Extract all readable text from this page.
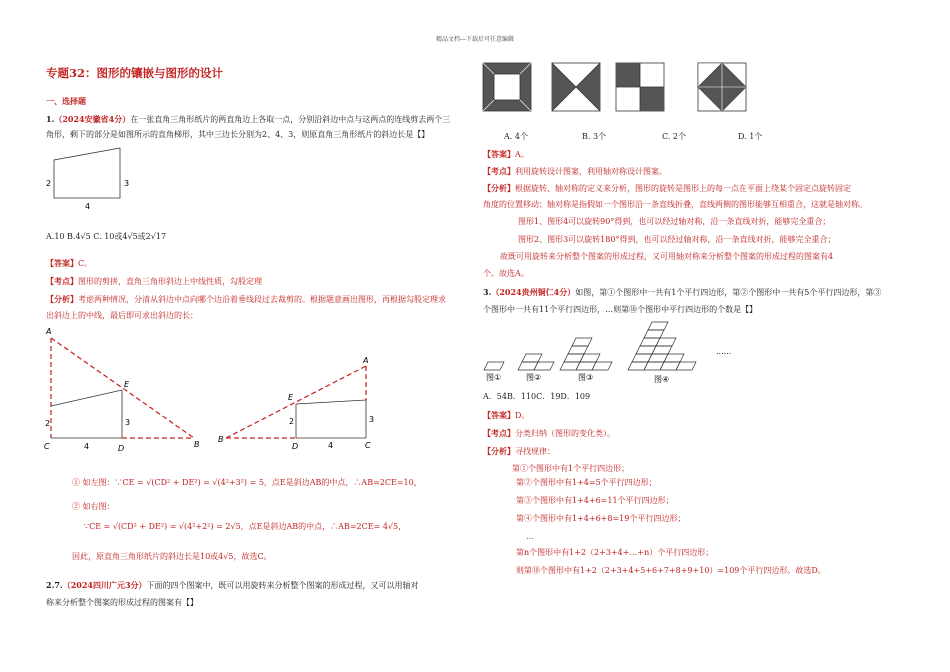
精品文档---下载后可任意编辑
专题32：图形的镶嵌与图形的设计
一、选择题
1.（2024安徽省4分）在一张直角三角形纸片的两直角边上各取一点，分别沿斜边中点与这两点的连线剪去两个三
角形，剩下的部分是如图所示的直角梯形，其中三边长分别为2、4、3，则原直角三角形纸片的斜边长是【】
2	3
4
A.10 B.4√5 C. 10或4√5或2√17
【答案】C。
【考点】图形的剪拼，直角三角形斜边上中线性质，勾股定理
【分析】考虑两种情况，分清从斜边中点向哪个边沿着垂线段过去裁剪的。根据题意画出图形，再根据勾股定理求
出斜边上的中线，最后即可求出斜边的长：
A
E
C	D	B
2	3
4
B
E
A
D	C
2	3
4
① 如左图：∵CE = √(CD² + DE²) = √(4²+3²) = 5，点E是斜边AB的中点，∴AB=2CE=10，
② 如右图：
∵CE = √(CD² + DE²) = √(4²+2²) = 2√5，点E是斜边AB的中点，∴AB=2CE= 4√5，
因此，原直角三角形纸片的斜边长是10或4√5，故选C。
2.7.（2024四川广元3分）下面的四个图案中，既可以用旋转来分析整个图案的形成过程，又可以用轴对
称来分析整个图案的形成过程的图案有【】
A. 4个	B. 3个	C. 2个	D. 1个
【答案】A。
【考点】利用旋转设计图案，利用轴对称设计图案。
【分析】根据旋转、轴对称的定义来分析，图形的旋转是图形上的每一点在平面上绕某个固定点旋转固定
角度的位置移动；轴对称是指假如一个图形沿一条直线折叠，直线两侧的图形能够互相重合，这就是轴对称。
图形1、图形4可以旋转90°得到，也可以经过轴对称，沿一条直线对折，能够完全重合；
图形2、图形3可以旋转180°得到，也可以经过轴对称，沿一条直线对折，能够完全重合；
故既可用旋转来分析整个图案的形成过程，又可用轴对称来分析整个图案的形成过程的图案有4
个。故选A。
3.（2024贵州铜仁4分）如图，第①个图形中一共有1个平行四边形，第②个图形中一共有5个平行四边形，第③
个图形中一共有11个平行四边形，…则第⑩个图形中平行四边形的个数是【】
图①	图②	图③	图④
......
A．54B．110C．19D．109
【答案】D。
【考点】分类归纳（图形的变化类）。
【分析】寻找规律：
第①个图形中有1个平行四边形；
第②个图形中有1+4=5个平行四边形；
第③个图形中有1+4+6=11个平行四边形；
第④个图形中有1+4+6+8=19个平行四边形；
…
第n个图形中有1+2（2+3+4+…+n）个平行四边形；
则第⑩个图形中有1+2（2+3+4+5+6+7+8+9+10）=109个平行四边形。故选D。
